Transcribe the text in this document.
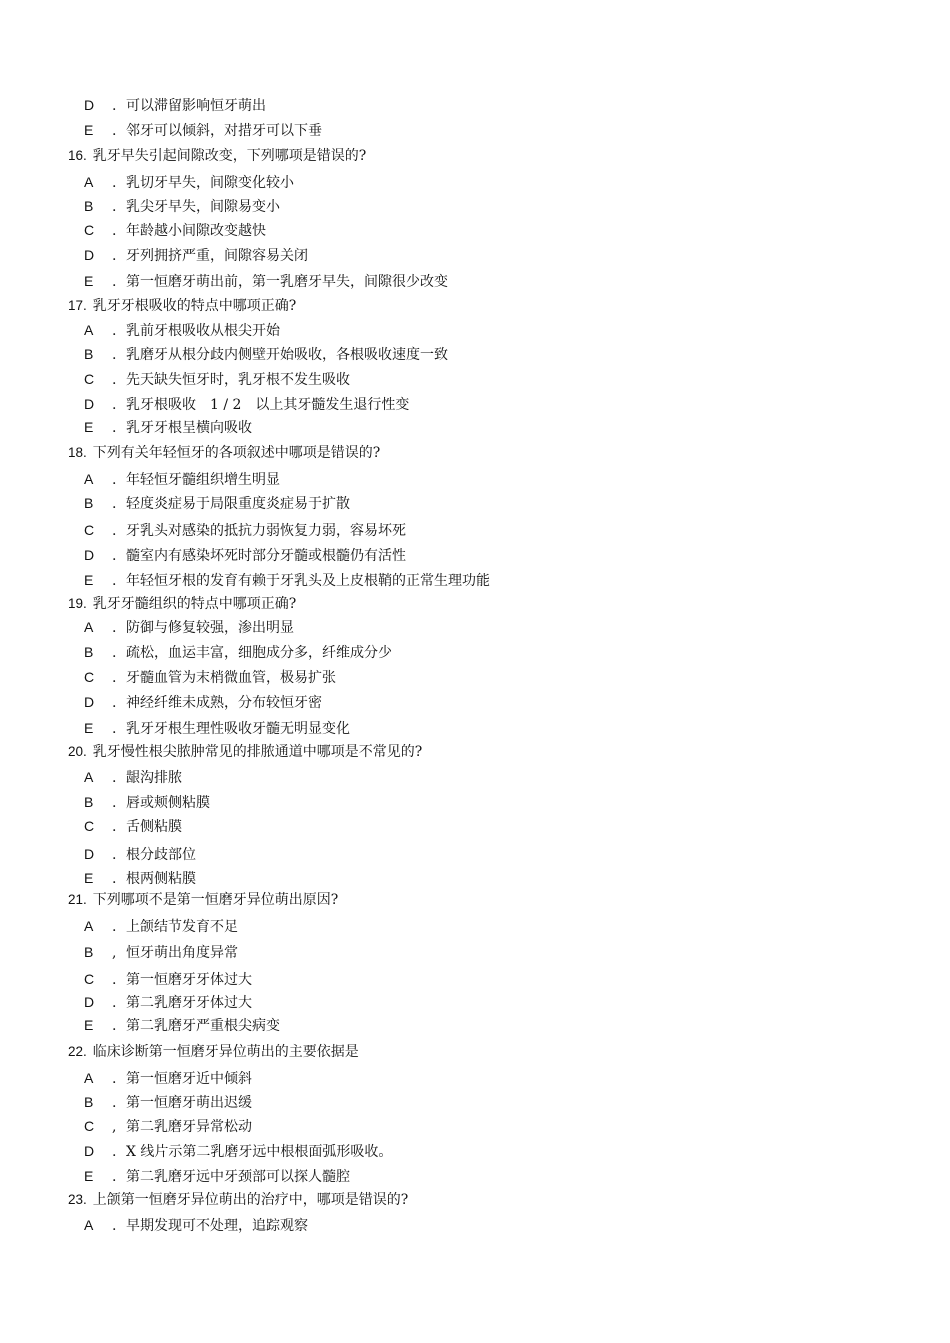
D . 可以滞留影响恒牙萌出
E . 邻牙可以倾斜，对措牙可以下垂
16. 乳牙早失引起间隙改变，下列哪项是错误的?
A . 乳切牙早失，间隙变化较小
B . 乳尖牙早失，间隙易变小
C . 年龄越小间隙改变越快
D . 牙列拥挤严重，间隙容易关闭
E . 第一恒磨牙萌出前，第一乳磨牙早失，间隙很少改变
17. 乳牙牙根吸收的特点中哪项正确?
A . 乳前牙根吸收从根尖开始
B . 乳磨牙从根分歧内侧壁开始吸收，各根吸收速度一致
C . 先天缺失恒牙时，乳牙根不发生吸收
D . 乳牙根吸收　1 / 2　以上其牙髓发生退行性变
E . 乳牙牙根呈横向吸收
18. 下列有关年轻恒牙的各项叙述中哪项是错误的?
A . 年轻恒牙髓组织增生明显
B . 轻度炎症易于局限重度炎症易于扩散
C . 牙乳头对感染的抵抗力弱恢复力弱，容易坏死
D . 髓室内有感染坏死时部分牙髓或根髓仍有活性
E . 年轻恒牙根的发育有赖于牙乳头及上皮根鞘的正常生理功能
19. 乳牙牙髓组织的特点中哪项正确?
A . 防御与修复较强，渗出明显
B . 疏松，血运丰富，细胞成分多，纤维成分少
C . 牙髓血管为末梢微血管，极易扩张
D . 神经纤维未成熟，分布较恒牙密
E . 乳牙牙根生理性吸收牙髓无明显变化
20. 乳牙慢性根尖脓肿常见的排脓通道中哪项是不常见的?
A . 龈沟排脓
B . 唇或颊侧粘膜
C . 舌侧粘膜
D . 根分歧部位
E . 根两侧粘膜
21. 下列哪项不是第一恒磨牙异位萌出原因?
A . 上颌结节发育不足
B , 恒牙萌出角度异常
C . 第一恒磨牙牙体过大
D . 第二乳磨牙牙体过大
E . 第二乳磨牙严重根尖病变
22. 临床诊断第一恒磨牙异位萌出的主要依据是
A . 第一恒磨牙近中倾斜
B . 第一恒磨牙萌出迟缓
C , 第二乳磨牙异常松动
D . X 线片示第二乳磨牙远中根根面弧形吸收。
E . 第二乳磨牙远中牙颈部可以探人髓腔
23. 上颌第一恒磨牙异位萌出的治疗中，哪项是错误的?
A . 早期发现可不处理，追踪观察
